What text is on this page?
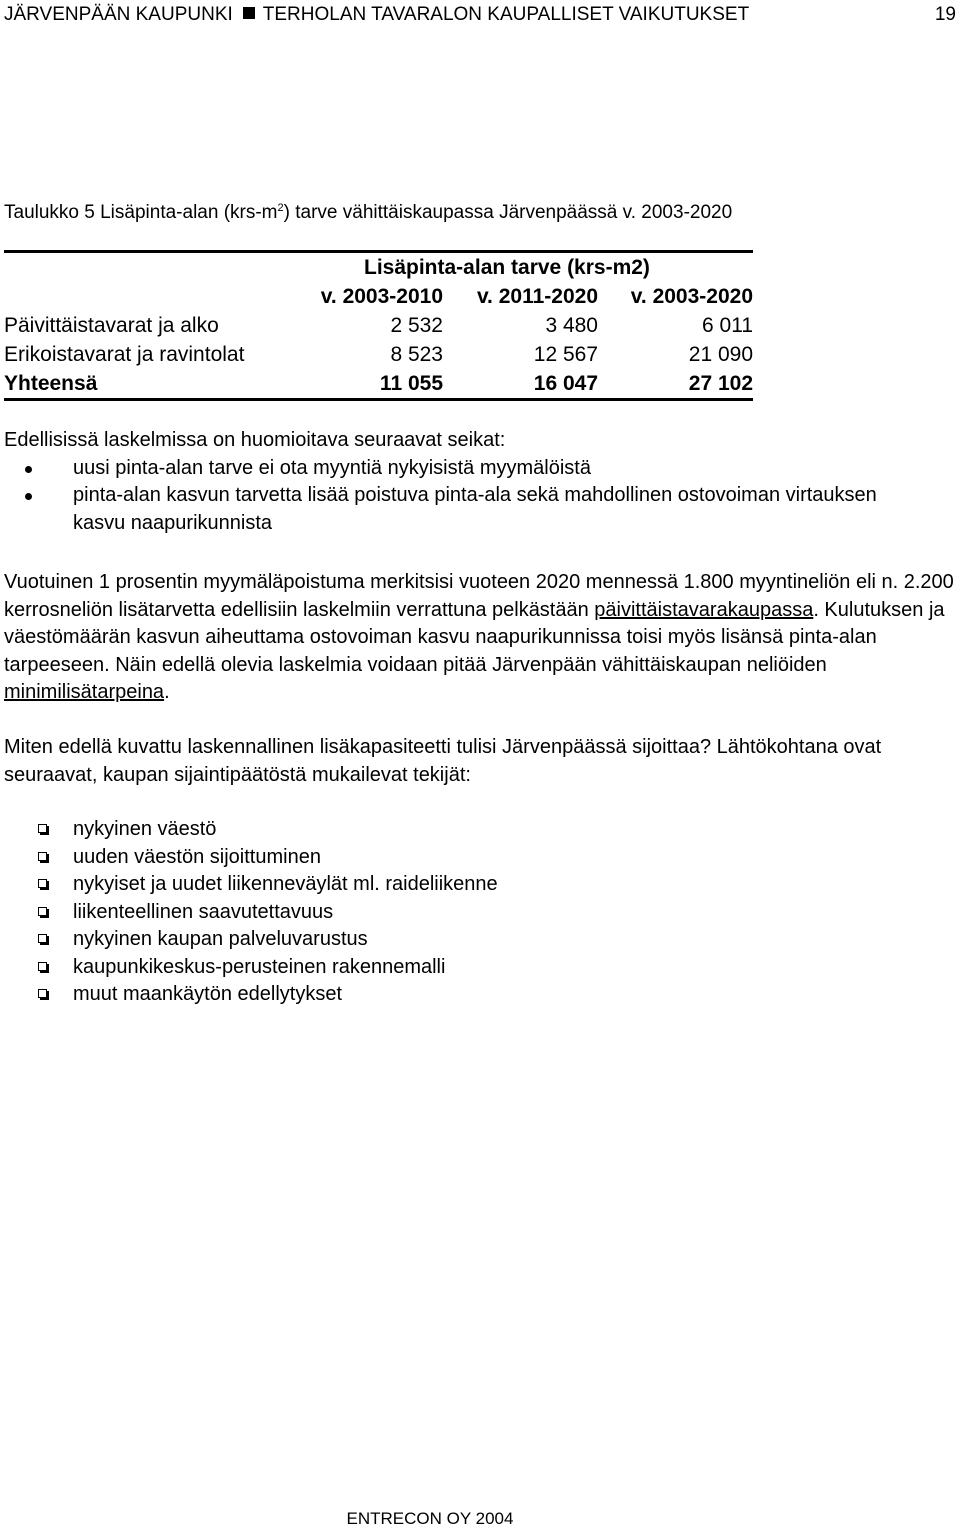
JÄRVENPÄÄN KAUPUNKI TERHOLAN TAVARALON KAUPALLISET VAIKUTUKSET	19
Taulukko 5 Lisäpinta-alan $(krs-m^2)$ tarve vähittäiskaupassa Järvenpäässä v. 2003-2020
Lisäpinta-alan tarve (krs-m2)
v. 2003-2010 v. 2011-2020 v. 2003-2020
Päivittäistavarat ja alko	2 532	3 480	6 011
Erikoistavarat ja ravintolat	8 523	12 567	21 090
Yhteensä	11 055	16 047	27 102

Edellisissä laskelmissa on huomioitava seuraavat seikat:

uusi pinta-alan tarve ei ota myyntiä nykyisistä myymälöistä
pinta-alan kasvun tarvetta lisää poistuva pinta-ala sekä mahdollinen ostovoiman virtauksen kasvu naapurikunnista

Vuotuinen 1 prosentin myymäläpoistuma merkitsisi vuoteen 2020 mennessä 1.800 myyntineliön eli n. 2.200 kerrosneliön lisätarvetta edellisiin laskelmiin verrattuna pelkästään päivittäistavarakaupassa. Kulutuksen ja väestömäärän kasvun aiheuttama ostovoiman kasvu naapurikunnissa toisi myös lisänsä pinta-alan tarpeeseen. Näin edellä olevia laskelmia voidaan pitää Järvenpään vähittäiskaupan neliöiden minimilisätarpeina.

Miten edellä kuvattu laskennallinen lisäkapasiteetti tulisi Järvenpäässä sijoittaa? Lähtökohtana ovat seuraavat, kaupan sijaintipäätöstä mukailevat tekijät:
nykyinen väestö
uuden väestön sijoittuminen
nykyiset ja uudet liikenneväylät ml. raideliikenne
liikenteellinen saavutettavuus
nykyinen kaupan palveluvarustus
kaupunkikeskus-perusteinen rakennemalli
muut maankäytön edellytykset
ENTRECON OY 2004
